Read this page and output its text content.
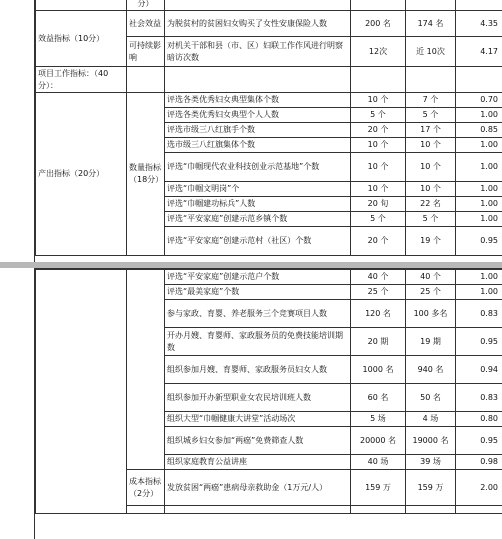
	分）				
效益指标（10分）	社会效益	为脱贫村的贫困妇女购买了女性安康保险人数	200 名	174 名	4.35
	可持续影响	对机关干部和县（市、区）妇联工作作风进行明察暗访次数	12次	近 10次	4.17
项目工作指标：（40分）：					
产出指标（20分）	数量指标（18分）	评选各类优秀妇女典型集体个数	10 个	7 个	0.70
		评选各类优秀妇女典型个人人数	5 个	5 个	1.00
		评选市级三八红旗手个数	20 个	17 个	0.85
		选市级三八红旗集体个数	10 个	10 个	1.00
		评选“巾帼现代农业科技创业示范基地”个数	10 个	10 个	1.00
		评选“巾帼文明岗”个	10 个	10 个	1.00
		评选“巾帼建功标兵”人数	20 旬	22 名	1.00
		评选“平安家庭”创建示范乡镇个数	5 个	5 个	1.00
		评选“平安家庭”创建示范村（社区）个数	20 个	19 个	0.95
		评选“平安家庭”创建示范户个数	40 个	40 个	1.00
		评选“最美家庭”个数	25 个	25 个	1.00
		参与家政、育婴、养老服务三个竞赛项目人数	120 名	100 多名	0.83
		开办月嫂、育婴师、家政服务员的免费技能培训期数	20 期	19 期	0.95
		组织参加月嫂、育婴师、家政服务员妇女人数	1000 名	940 名	0.94
		组织参加开办新型职业女农民培训班人数	60 名	50 名	0.83
		组织大型“巾帼健康大讲堂”活动场次	5 场	4 场	0.80
		组织城乡妇女参加“两癌”免费筛查人数	20000 名	19000 名	0.95
		组织家庭教育公益讲座	40 场	39 场	0.98
	成本指标（2分）	发放贫困“两癌”患病母亲救助金（1万元/人）	159 万	159 万	2.00
